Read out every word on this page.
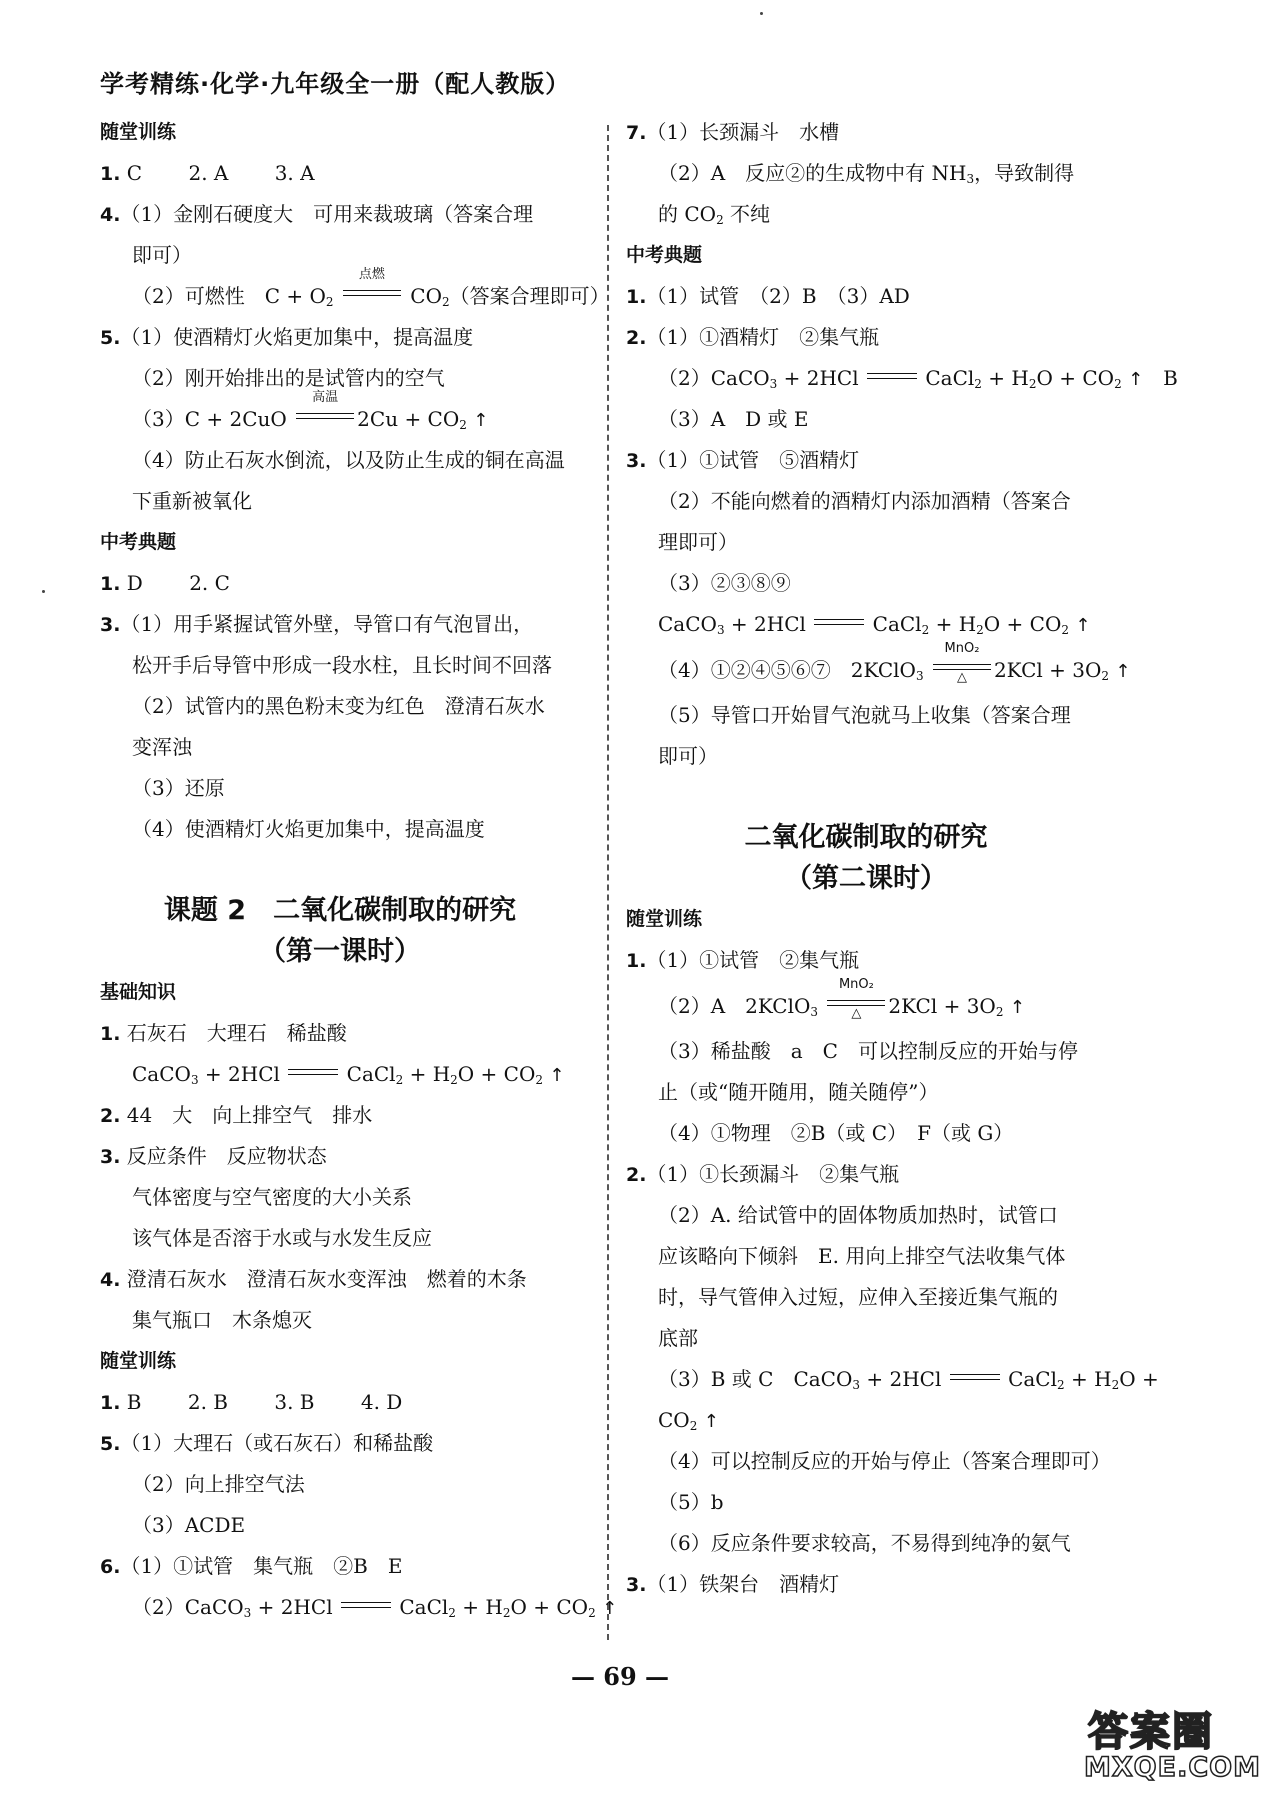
学考精练·化学·九年级全一册（配人教版）
随堂训练
1. C　　 2. A　　 3. A
4.（1）金刚石硬度大　可用来裁玻璃（答案合理
即可）
（2）可燃性　$C + O_2$
点燃
$CO_2$（答案合理即可）
5.（1）使酒精灯火焰更加集中，提高温度
（2）刚开始排出的是试管内的空气
（3）C + 2CuO
高温
$2Cu + CO_2$ ↑
（4）防止石灰水倒流，以及防止生成的铜在高温
下重新被氧化
中考典题
1. D　　 2. C
3.（1）用手紧握试管外壁，导管口有气泡冒出，
松开手后导管中形成一段水柱，且长时间不回落
（2）试管内的黑色粉末变为红色　澄清石灰水
变浑浊
（3）还原
（4）使酒精灯火焰更加集中，提高温度
课题 2　二氧化碳制取的研究
（第一课时）
基础知识
1. 石灰石　大理石　稀盐酸
CaCO$_3$ + 2HCl	CaCl$_2$ + $H_2O + CO_2$ ↑
2. 44　大　向上排空气　排水
3. 反应条件　反应物状态
气体密度与空气密度的大小关系
该气体是否溶于水或与水发生反应
4. 澄清石灰水　澄清石灰水变浑浊　燃着的木条
集气瓶口　木条熄灭
随堂训练
1. B　　 2. B　　 3. B　　 4. D
5.（1）大理石（或石灰石）和稀盐酸
（2）向上排空气法
（3）ACDE
6.（1）①试管　集气瓶　②B　E
（2）CaCO$_3$ + 2HCl	CaCl$_2$ + $H_2O + CO_2$ ↑
7.（1）长颈漏斗　水槽
（2）A　反应②的生成物中有 $NH_3$，导致制得
的 $CO_2$ 不纯
中考典题
1.（1）试管　（2）B　（3）AD
2.（1）①酒精灯　②集气瓶
（2）CaCO$_3$ + 2HCl	CaCl$_2$ + $H_2O + CO_2$ ↑　B
（3）A　D 或 E
3.（1）①试管　⑤酒精灯
（2）不能向燃着的酒精灯内添加酒精（答案合
理即可）
（3）②③⑧⑨
CaCO$_3$ + 2HCl	CaCl$_2$ + $H_2O + CO_2$ ↑
（4）①②④⑤⑥⑦　2KClO$_3$
MnO₂
△	$2KCl + 3O_2$ ↑
（5）导管口开始冒气泡就马上收集（答案合理
即可）
二氧化碳制取的研究
（第二课时）
随堂训练
1.（1）①试管　②集气瓶
（2）A　2KClO$_3$
MnO₂
△	$2KCl + 3O_2$ ↑
（3）稀盐酸　a　C　可以控制反应的开始与停
止（或“随开随用，随关随停”）
（4）①物理　②B（或 C）　F（或 G）
2.（1）①长颈漏斗　②集气瓶
（2）A. 给试管中的固体物质加热时，试管口
应该略向下倾斜　E. 用向上排空气法收集气体
时，导气管伸入过短，应伸入至接近集气瓶的
底部
（3）B 或 C　CaCO$_3$ + 2HCl	CaCl$_2$ + $H_2O$ +
$CO_2$ ↑
（4）可以控制反应的开始与停止（答案合理即可）
（5）b
（6）反应条件要求较高，不易得到纯净的氨气
3.（1）铁架台　酒精灯
— 69 —
答案圈
MXQE.COM
